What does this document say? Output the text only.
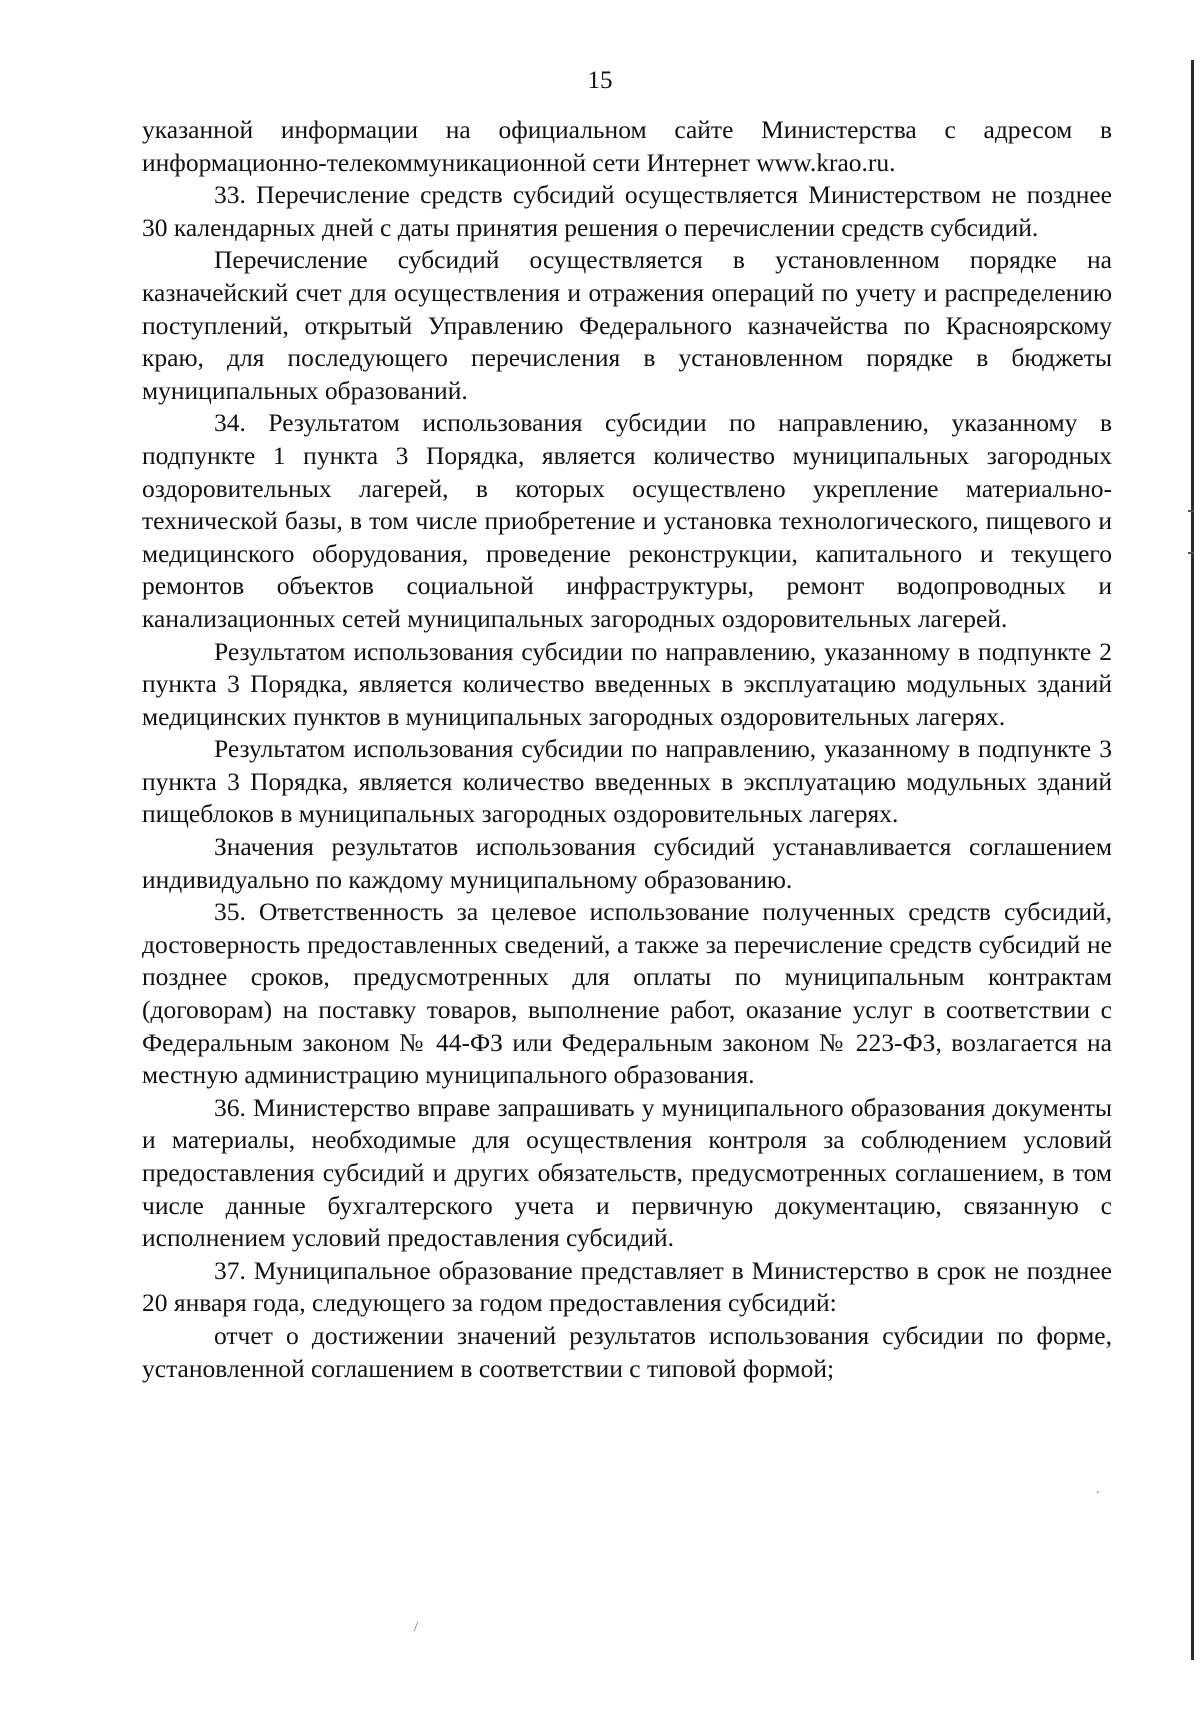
15

указанной информации на официальном сайте Министерства с адресом в информационно-телекоммуникационной сети Интернет www.krao.ru.

33. Перечисление средств субсидий осуществляется Министерством не позднее 30 календарных дней с даты принятия решения о перечислении средств субсидий.

Перечисление субсидий осуществляется в установленном порядке на казначейский счет для осуществления и отражения операций по учету и распределению поступлений, открытый Управлению Федерального казначейства по Красноярскому краю, для последующего перечисления в установленном порядке в бюджеты муниципальных образований.

34. Результатом использования субсидии по направлению, указанному в подпункте 1 пункта 3 Порядка, является количество муниципальных загородных оздоровительных лагерей, в которых осуществлено укрепление материально-технической базы, в том числе приобретение и установка технологического, пищевого и медицинского оборудования, проведение реконструкции, капитального и текущего ремонтов объектов социальной инфраструктуры, ремонт водопроводных и канализационных сетей муниципальных загородных оздоровительных лагерей.

Результатом использования субсидии по направлению, указанному в подпункте 2 пункта 3 Порядка, является количество введенных в эксплуатацию модульных зданий медицинских пунктов в муниципальных загородных оздоровительных лагерях.

Результатом использования субсидии по направлению, указанному в подпункте 3 пункта 3 Порядка, является количество введенных в эксплуатацию модульных зданий пищеблоков в муниципальных загородных оздоровительных лагерях.

Значения результатов использования субсидий устанавливается соглашением индивидуально по каждому муниципальному образованию.

35. Ответственность за целевое использование полученных средств субсидий, достоверность предоставленных сведений, а также за перечисление средств субсидий не позднее сроков, предусмотренных для оплаты по муниципальным контрактам (договорам) на поставку товаров, выполнение работ, оказание услуг в соответствии с Федеральным законом № 44-ФЗ или Федеральным законом № 223-ФЗ, возлагается на местную администрацию муниципального образования.

36. Министерство вправе запрашивать у муниципального образования документы и материалы, необходимые для осуществления контроля за соблюдением условий предоставления субсидий и других обязательств, предусмотренных соглашением, в том числе данные бухгалтерского учета и первичную документацию, связанную с исполнением условий предоставления субсидий.

37. Муниципальное образование представляет в Министерство в срок не позднее 20 января года, следующего за годом предоставления субсидий:

отчет о достижении значений результатов использования субсидии по форме, установленной соглашением в соответствии с типовой формой;

.
/
